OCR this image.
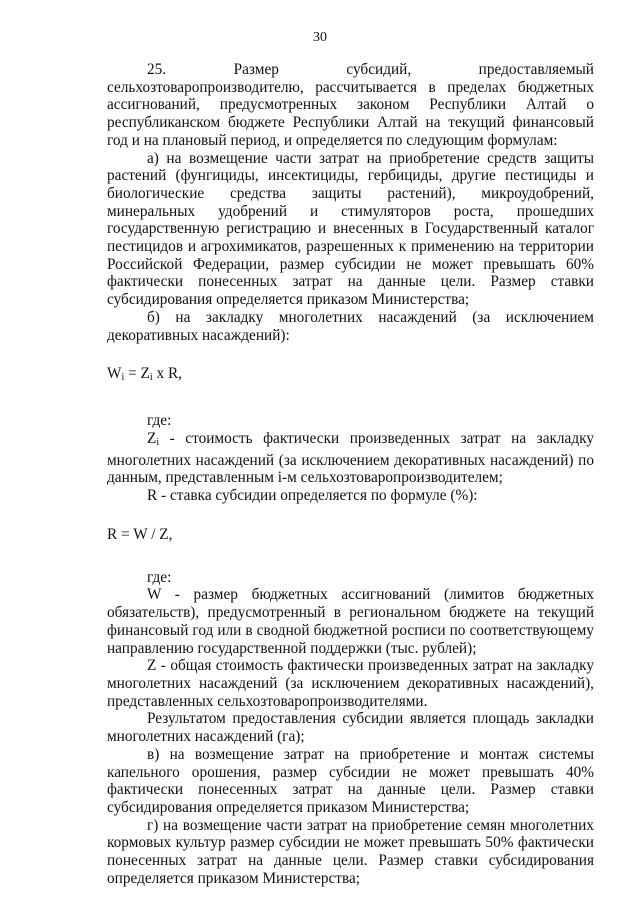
30

25. Размер субсидий, предоставляемый сельхозтоваропроизводителю, рассчитывается в пределах бюджетных ассигнований, предусмотренных законом Республики Алтай о республиканском бюджете Республики Алтай на текущий финансовый год и на плановый период, и определяется по следующим формулам:

а) на возмещение части затрат на приобретение средств защиты растений (фунгициды, инсектициды, гербициды, другие пестициды и биологические средства защиты растений), микроудобрений, минеральных удобрений и стимуляторов роста, прошедших государственную регистрацию и внесенных в Государственный каталог пестицидов и агрохимикатов, разрешенных к применению на территории Российской Федерации, размер субсидии не может превышать 60% фактически понесенных затрат на данные цели. Размер ставки субсидирования определяется приказом Министерства;

б) на закладку многолетних насаждений (за исключением декоративных насаждений):

$W_i = Z_i$ x R,

где:

$Z_i$ - стоимость фактически произведенных затрат на закладку многолетних насаждений (за исключением декоративных насаждений) по данным, представленным i-м сельхозтоваропроизводителем;

R - ставка субсидии определяется по формуле (%):

R = W / Z,

где:

W - размер бюджетных ассигнований (лимитов бюджетных обязательств), предусмотренный в региональном бюджете на текущий финансовый год или в сводной бюджетной росписи по соответствующему направлению государственной поддержки (тыс. рублей);

Z - общая стоимость фактически произведенных затрат на закладку многолетних насаждений (за исключением декоративных насаждений), представленных сельхозтоваропроизводителями.

Результатом предоставления субсидии является площадь закладки многолетних насаждений (га);

в) на возмещение затрат на приобретение и монтаж системы капельного орошения, размер субсидии не может превышать 40% фактически понесенных затрат на данные цели. Размер ставки субсидирования определяется приказом Министерства;

г) на возмещение части затрат на приобретение семян многолетних кормовых культур размер субсидии не может превышать 50% фактически понесенных затрат на данные цели. Размер ставки субсидирования определяется приказом Министерства;
